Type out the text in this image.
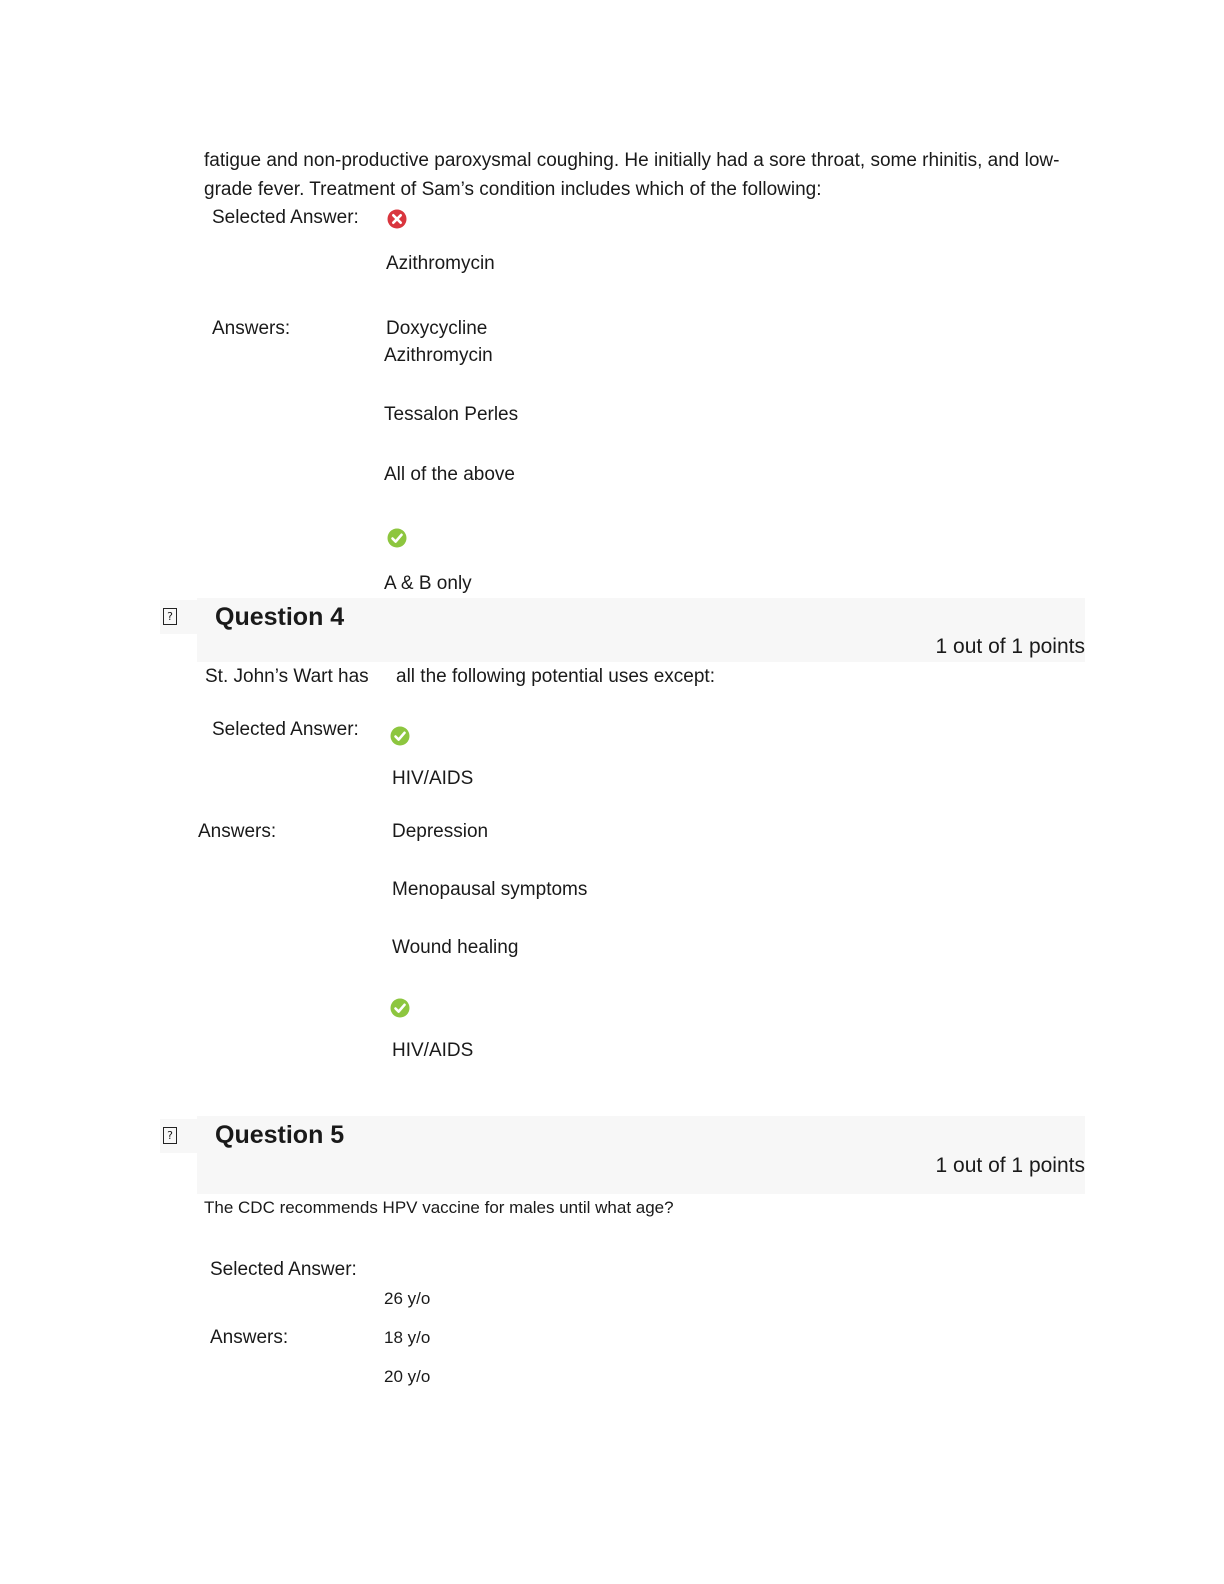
fatigue and non-productive paroxysmal coughing. He initially had a sore throat, some rhinitis, and low-grade fever. Treatment of Sam’s condition includes which of the following:
Selected Answer:
Azithromycin
Answers:	Doxycycline
Azithromycin
Tessalon Perles
All of the above
A & B only
? Question 4
1 out of 1 points
St. John’s Wart has all the following potential uses except:
Selected Answer:
HIV/AIDS
Answers:	Depression
Menopausal symptoms
Wound healing
HIV/AIDS
? Question 5
1 out of 1 points
The CDC recommends HPV vaccine for males until what age?
Selected Answer:
26 y/o
Answers:	18 y/o
20 y/o
